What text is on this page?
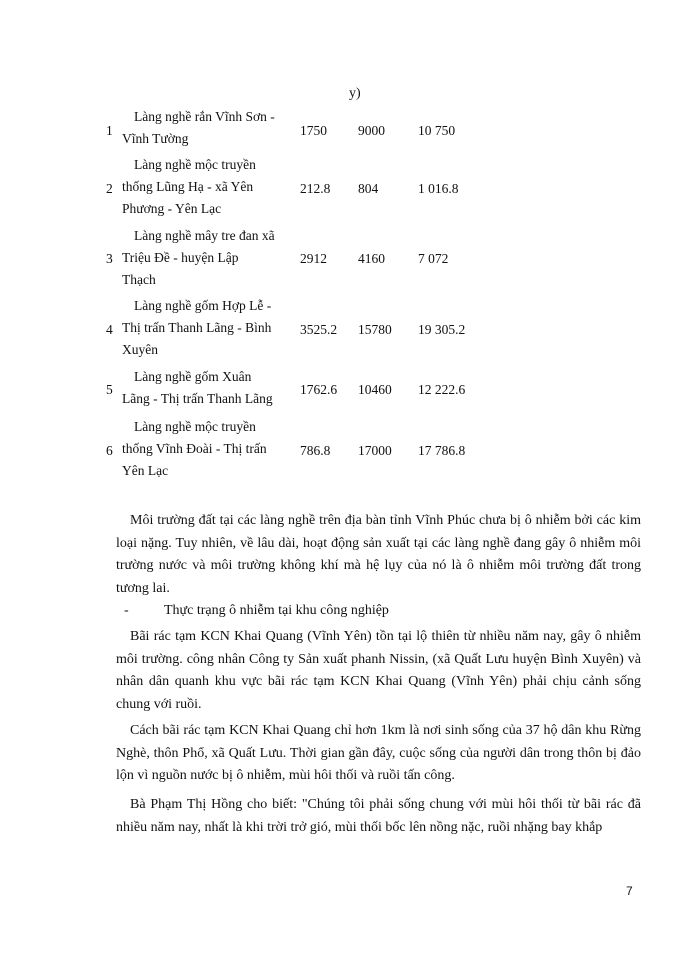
y)
1
Làng nghề rắn Vĩnh Sơn -
Vĩnh Tường
1750 9000 10 750
2
Làng nghề mộc truyền
thống Lũng Hạ - xã Yên
Phương - Yên Lạc
212.8 804	1 016.8
3
Làng nghề mây tre đan xã
Triệu Đề - huyện Lập
Thạch
2912 4160 7 072
4
Làng nghề gốm Hợp Lễ -
Thị trấn Thanh Lãng - Bình
Xuyên
3525.2 15780 19 305.2
5
Làng nghề gốm Xuân
Lãng - Thị trấn Thanh Lãng
1762.6 10460 12 222.6
6
Làng nghề mộc truyền
thống Vĩnh Đoài - Thị trấn
Yên Lạc
786.8 17000 17 786.8
Môi trường đất tại các làng nghề trên địa bàn tỉnh Vĩnh Phúc chưa bị ô nhiễm bởi các kim loại nặng. Tuy nhiên, về lâu dài, hoạt động sản xuất tại các làng nghề đang gây ô nhiễm môi trường nước và môi trường không khí mà hệ lụy của nó là ô nhiễm môi trường đất trong tương lai.
-	Thực trạng ô nhiễm tại khu công nghiệp
Bãi rác tạm KCN Khai Quang (Vĩnh Yên) tồn tại lộ thiên từ nhiều năm nay, gây ô nhiễm môi trường. công nhân Công ty Sản xuất phanh Nissin, (xã Quất Lưu huyện Bình Xuyên) và nhân dân quanh khu vực bãi rác tạm KCN Khai Quang (Vĩnh Yên) phải chịu cảnh sống chung với ruồi.
Cách bãi rác tạm KCN Khai Quang chỉ hơn 1km là nơi sinh sống của 37 hộ dân khu Rừng Nghè, thôn Phổ, xã Quất Lưu. Thời gian gần đây, cuộc sống của người dân trong thôn bị đảo lộn vì nguồn nước bị ô nhiễm, mùi hôi thối và ruồi tấn công.
Bà Phạm Thị Hồng cho biết: "Chúng tôi phải sống chung với mùi hôi thối từ bãi rác đã nhiều năm nay, nhất là khi trời trở gió, mùi thối bốc lên nồng nặc, ruồi nhặng bay khắp
7
